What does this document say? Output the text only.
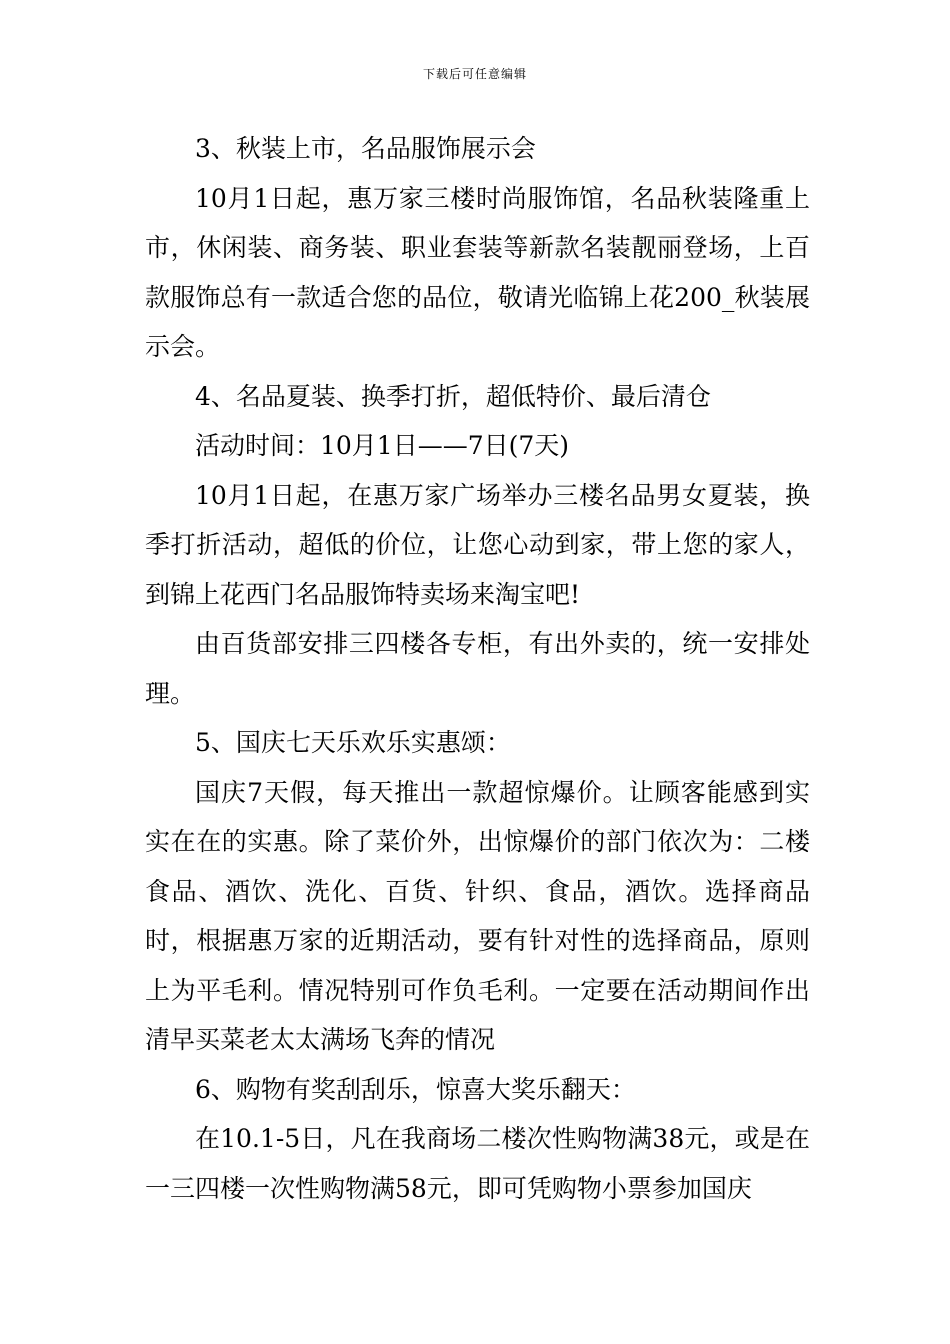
下载后可任意编辑

3、秋装上市，名品服饰展示会

10月1日起，惠万家三楼时尚服饰馆，名品秋装隆重上市，休闲装、商务装、职业套装等新款名装靓丽登场，上百款服饰总有一款适合您的品位，敬请光临锦上花200_秋装展示会。

4、名品夏装、换季打折，超低特价、最后清仓

活动时间：10月1日——7日(7天)

10月1日起，在惠万家广场举办三楼名品男女夏装，换季打折活动，超低的价位，让您心动到家，带上您的家人，到锦上花西门名品服饰特卖场来淘宝吧!

由百货部安排三四楼各专柜，有出外卖的，统一安排处理。

5、国庆七天乐欢乐实惠颂：

国庆7天假，每天推出一款超惊爆价。让顾客能感到实实在在的实惠。除了菜价外，出惊爆价的部门依次为：二楼食品、酒饮、洗化、百货、针织、食品，酒饮。选择商品时，根据惠万家的近期活动，要有针对性的选择商品，原则上为平毛利。情况特别可作负毛利。一定要在活动期间作出清早买菜老太太满场飞奔的情况

6、购物有奖刮刮乐，惊喜大奖乐翻天：

在10.1-5日，凡在我商场二楼次性购物满38元，或是在一三四楼一次性购物满58元，即可凭购物小票参加国庆
